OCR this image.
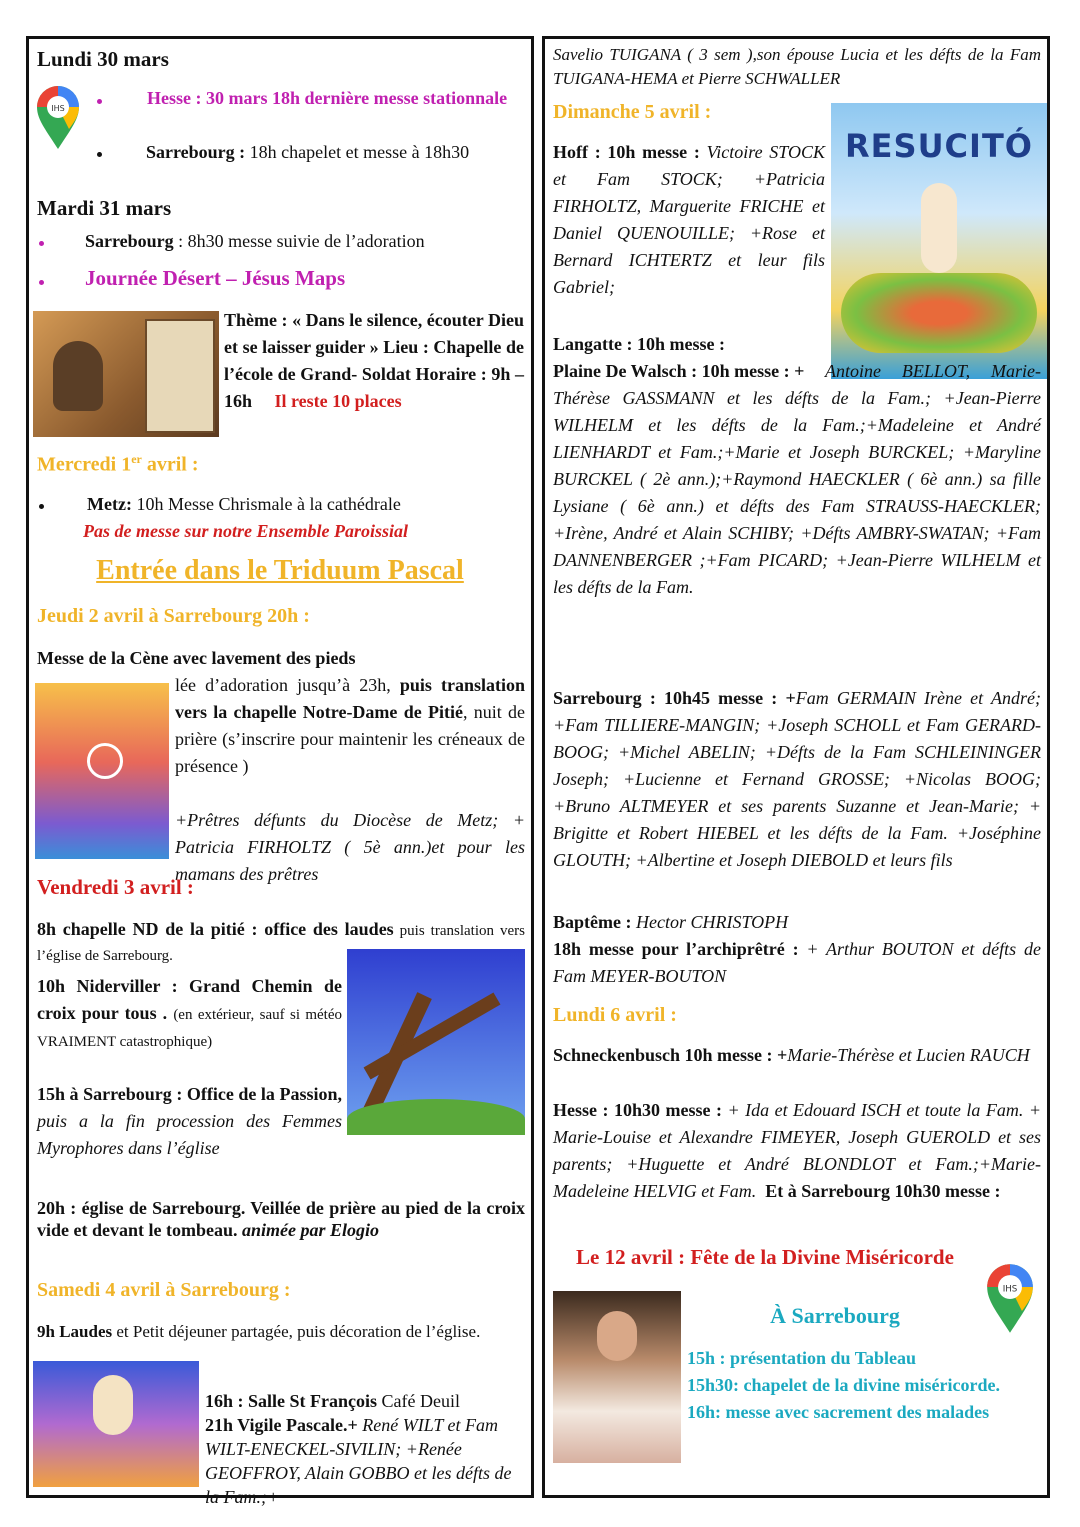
Lundi 30 mars
IHS
Hesse : 30 mars 18h dernière messe stationnale
Sarrebourg : 18h chapelet et messe à 18h30
Mardi 31 mars
Sarrebourg : 8h30 messe suivie de l’adoration
Journée Désert – Jésus Maps
Thème : « Dans le silence, écouter Dieu et se laisser guider » Lieu : Chapelle de l’école de Grand- Soldat Horaire : 9h – 16h Il reste 10 places
Mercredi 1er avril :
Metz: 10h Messe Chrismale à la cathédrale
Pas de messe sur notre Ensemble Paroissial
Entrée dans le Triduum Pascal
Jeudi 2 avril à Sarrebourg 20h :
Messe de la Cène avec lavement des pieds
lée d’adoration jusqu’à 23h, puis translation vers la chapelle Notre-Dame de Pitié, nuit de prière (s’inscrire pour maintenir les créneaux de présence )
+Prêtres défunts du Diocèse de Metz; + Patricia FIRHOLTZ ( 5è ann.)et pour les mamans des prêtres
Vendredi 3 avril :
8h chapelle ND de la pitié : office des laudes puis translation vers l’église de Sarrebourg.
10h Niderviller : Grand Chemin de croix pour tous . (en extérieur, sauf si météo VRAIMENT catastrophique)
15h à Sarrebourg : Office de la Passion, puis a la fin procession des Femmes Myrophores dans l’église
20h : église de Sarrebourg. Veillée de prière au pied de la croix vide et devant le tombeau. animée par Elogio
Samedi 4 avril à Sarrebourg :
9h Laudes et Petit déjeuner partagée, puis décoration de l’église.
16h : Salle St François Café Deuil
21h Vigile Pascale.+ René WILT et Fam WILT-ENECKEL-SIVILIN; +Renée GEOFFROY, Alain GOBBO et les défts de la Fam.;+
Savelio TUIGANA ( 3 sem ),son épouse Lucia et les défts de la Fam TUIGANA-HEMA et Pierre SCHWALLER
Dimanche 5 avril :
RESUCITÓ
Hoff : 10h messe : Victoire STOCK et Fam STOCK; +Patricia FIRHOLTZ, Marguerite FRICHE et Daniel QUENOUILLE; +Rose et Bernard ICHTERTZ et leur fils Gabriel;
Langatte : 10h messe :
Plaine De Walsch : 10h messe : +	Antoine BELLOT, Marie-Thérèse GASSMANN et les défts de la Fam.; +Jean-Pierre WILHELM et les défts de la Fam.;+Madeleine et André LIENHARDT et Fam.;+Marie et Joseph BURCKEL; +Maryline BURCKEL ( 2è ann.);+Raymond HAECKLER ( 6è ann.) sa fille Lysiane ( 6è ann.) et défts des Fam STRAUSS-HAECKLER; +Irène, André et Alain SCHIBY; +Défts AMBRY-SWATAN; +Fam DANNENBERGER ;+Fam PICARD; +Jean-Pierre WILHELM et les défts de la Fam.
Sarrebourg : 10h45 messe : +Fam GERMAIN Irène et André; +Fam TILLIERE-MANGIN; +Joseph SCHOLL et Fam GERARD-BOOG; +Michel ABELIN; +Défts de la Fam SCHLEININGER Joseph; +Lucienne et Fernand GROSSE; +Nicolas BOOG; +Bruno ALTMEYER et ses parents Suzanne et Jean-Marie; + Brigitte et Robert HIEBEL et les défts de la Fam. +Joséphine GLOUTH; +Albertine et Joseph DIEBOLD et leurs fils
Baptême : Hector CHRISTOPH
18h messe pour l’archiprêtré : + Arthur BOUTON et défts de Fam MEYER-BOUTON
Lundi 6 avril :
Schneckenbusch 10h messe : +Marie-Thérèse et Lucien RAUCH
Hesse : 10h30 messe : + Ida et Edouard ISCH et toute la Fam. + Marie-Louise et Alexandre FIMEYER, Joseph GUEROLD et ses parents; +Huguette et André BLONDLOT et Fam.;+Marie-Madeleine HELVIG et Fam. Et à Sarrebourg 10h30 messe :
Le 12 avril : Fête de la Divine Miséricorde
À Sarrebourg
IHS
15h : présentation du Tableau
15h30: chapelet de la divine miséricorde.
16h: messe avec sacrement des malades
